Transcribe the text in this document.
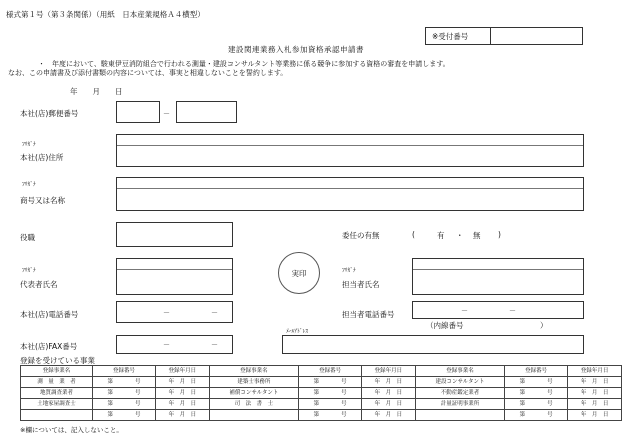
様式第１号（第３条関係）（用紙　日本産業規格Ａ４横型）
※受付番号
建設関連業務入札参加資格承認申請書
・　年度において、駿東伊豆消防組合で行われる測量・建設コンサルタント等業務に係る競争に参加する資格の審査を申請します。
なお、この申請書及び添付書類の内容については、事実と相違しないことを誓約します。
年　　月　　日
本社(店)郵便番号	－
ﾌﾘｶﾞﾅ
本社(店)住所
ﾌﾘｶﾞﾅ
商号又は名称
役職	委任の有無	(	有 ・ 無 )
ﾌﾘｶﾞﾅ
代表者氏名
実印	ﾌﾘｶﾞﾅ
担当者氏名
本社(店)電話番号	－	－	担当者電話番号	－	－
（内線番号	）
本社(店)FAX番号	－	－
ﾒｰﾙｱﾄﾞﾚｽ
登録を受けている事業
登録事業名	登録番号	登録年月日	登録事業名	登録番号	登録年月日	登録事業名	登録番号	登録年月日
測　量　業　者	第　　　　号	年　月　日	建築士事務所	第　　　　号	年　月　日	建設コンサルタント	第　　　　号	年　月　日
地質調査業者	第　　　　号	年　月　日	補償コンサルタント	第　　　　号	年　月　日	不動産鑑定業者	第　　　　号	年　月　日
土地家屋調査士	第　　　　号	年　月　日	司　法　書　士	第　　　　号	年　月　日	計量証明事業所	第　　　　号	年　月　日
	第　　　　号	年　月　日		第　　　　号	年　月　日		第　　　　号	年　月　日
※欄については、記入しないこと。
